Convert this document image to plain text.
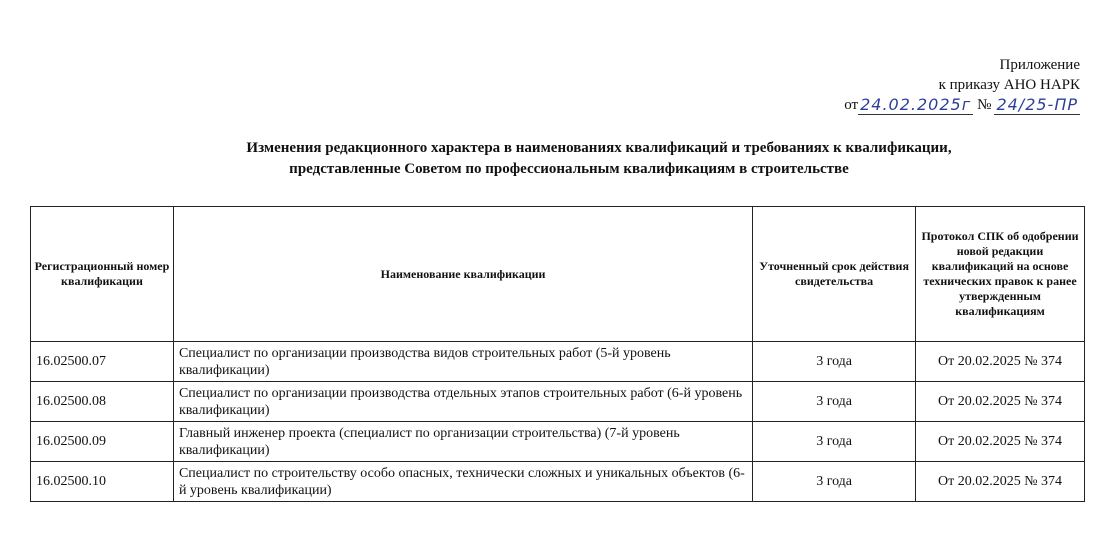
Приложение
к приказу АНО НАРК
от 24.02.2025г № 24/25-ПР
Изменения редакционного характера в наименованиях квалификаций и требованиях к квалификации,
представленные Советом по профессиональным квалификациям в строительстве
Регистрационный номер квалификации	Наименование квалификации	Уточненный срок действия свидетельства	Протокол СПК об одобрении новой редакции квалификаций на основе технических правок к ранее утвержденным квалификациям
16.02500.07	Специалист по организации производства видов строительных работ (5-й уровень квалификации)	3 года	От 20.02.2025 № 374
16.02500.08	Специалист по организации производства отдельных этапов строительных работ (6-й уровень квалификации)	3 года	От 20.02.2025 № 374
16.02500.09	Главный инженер проекта (специалист по организации строительства) (7-й уровень квалификации)	3 года	От 20.02.2025 № 374
16.02500.10	Специалист по строительству особо опасных, технически сложных и уникальных объектов (6-й уровень квалификации)	3 года	От 20.02.2025 № 374
